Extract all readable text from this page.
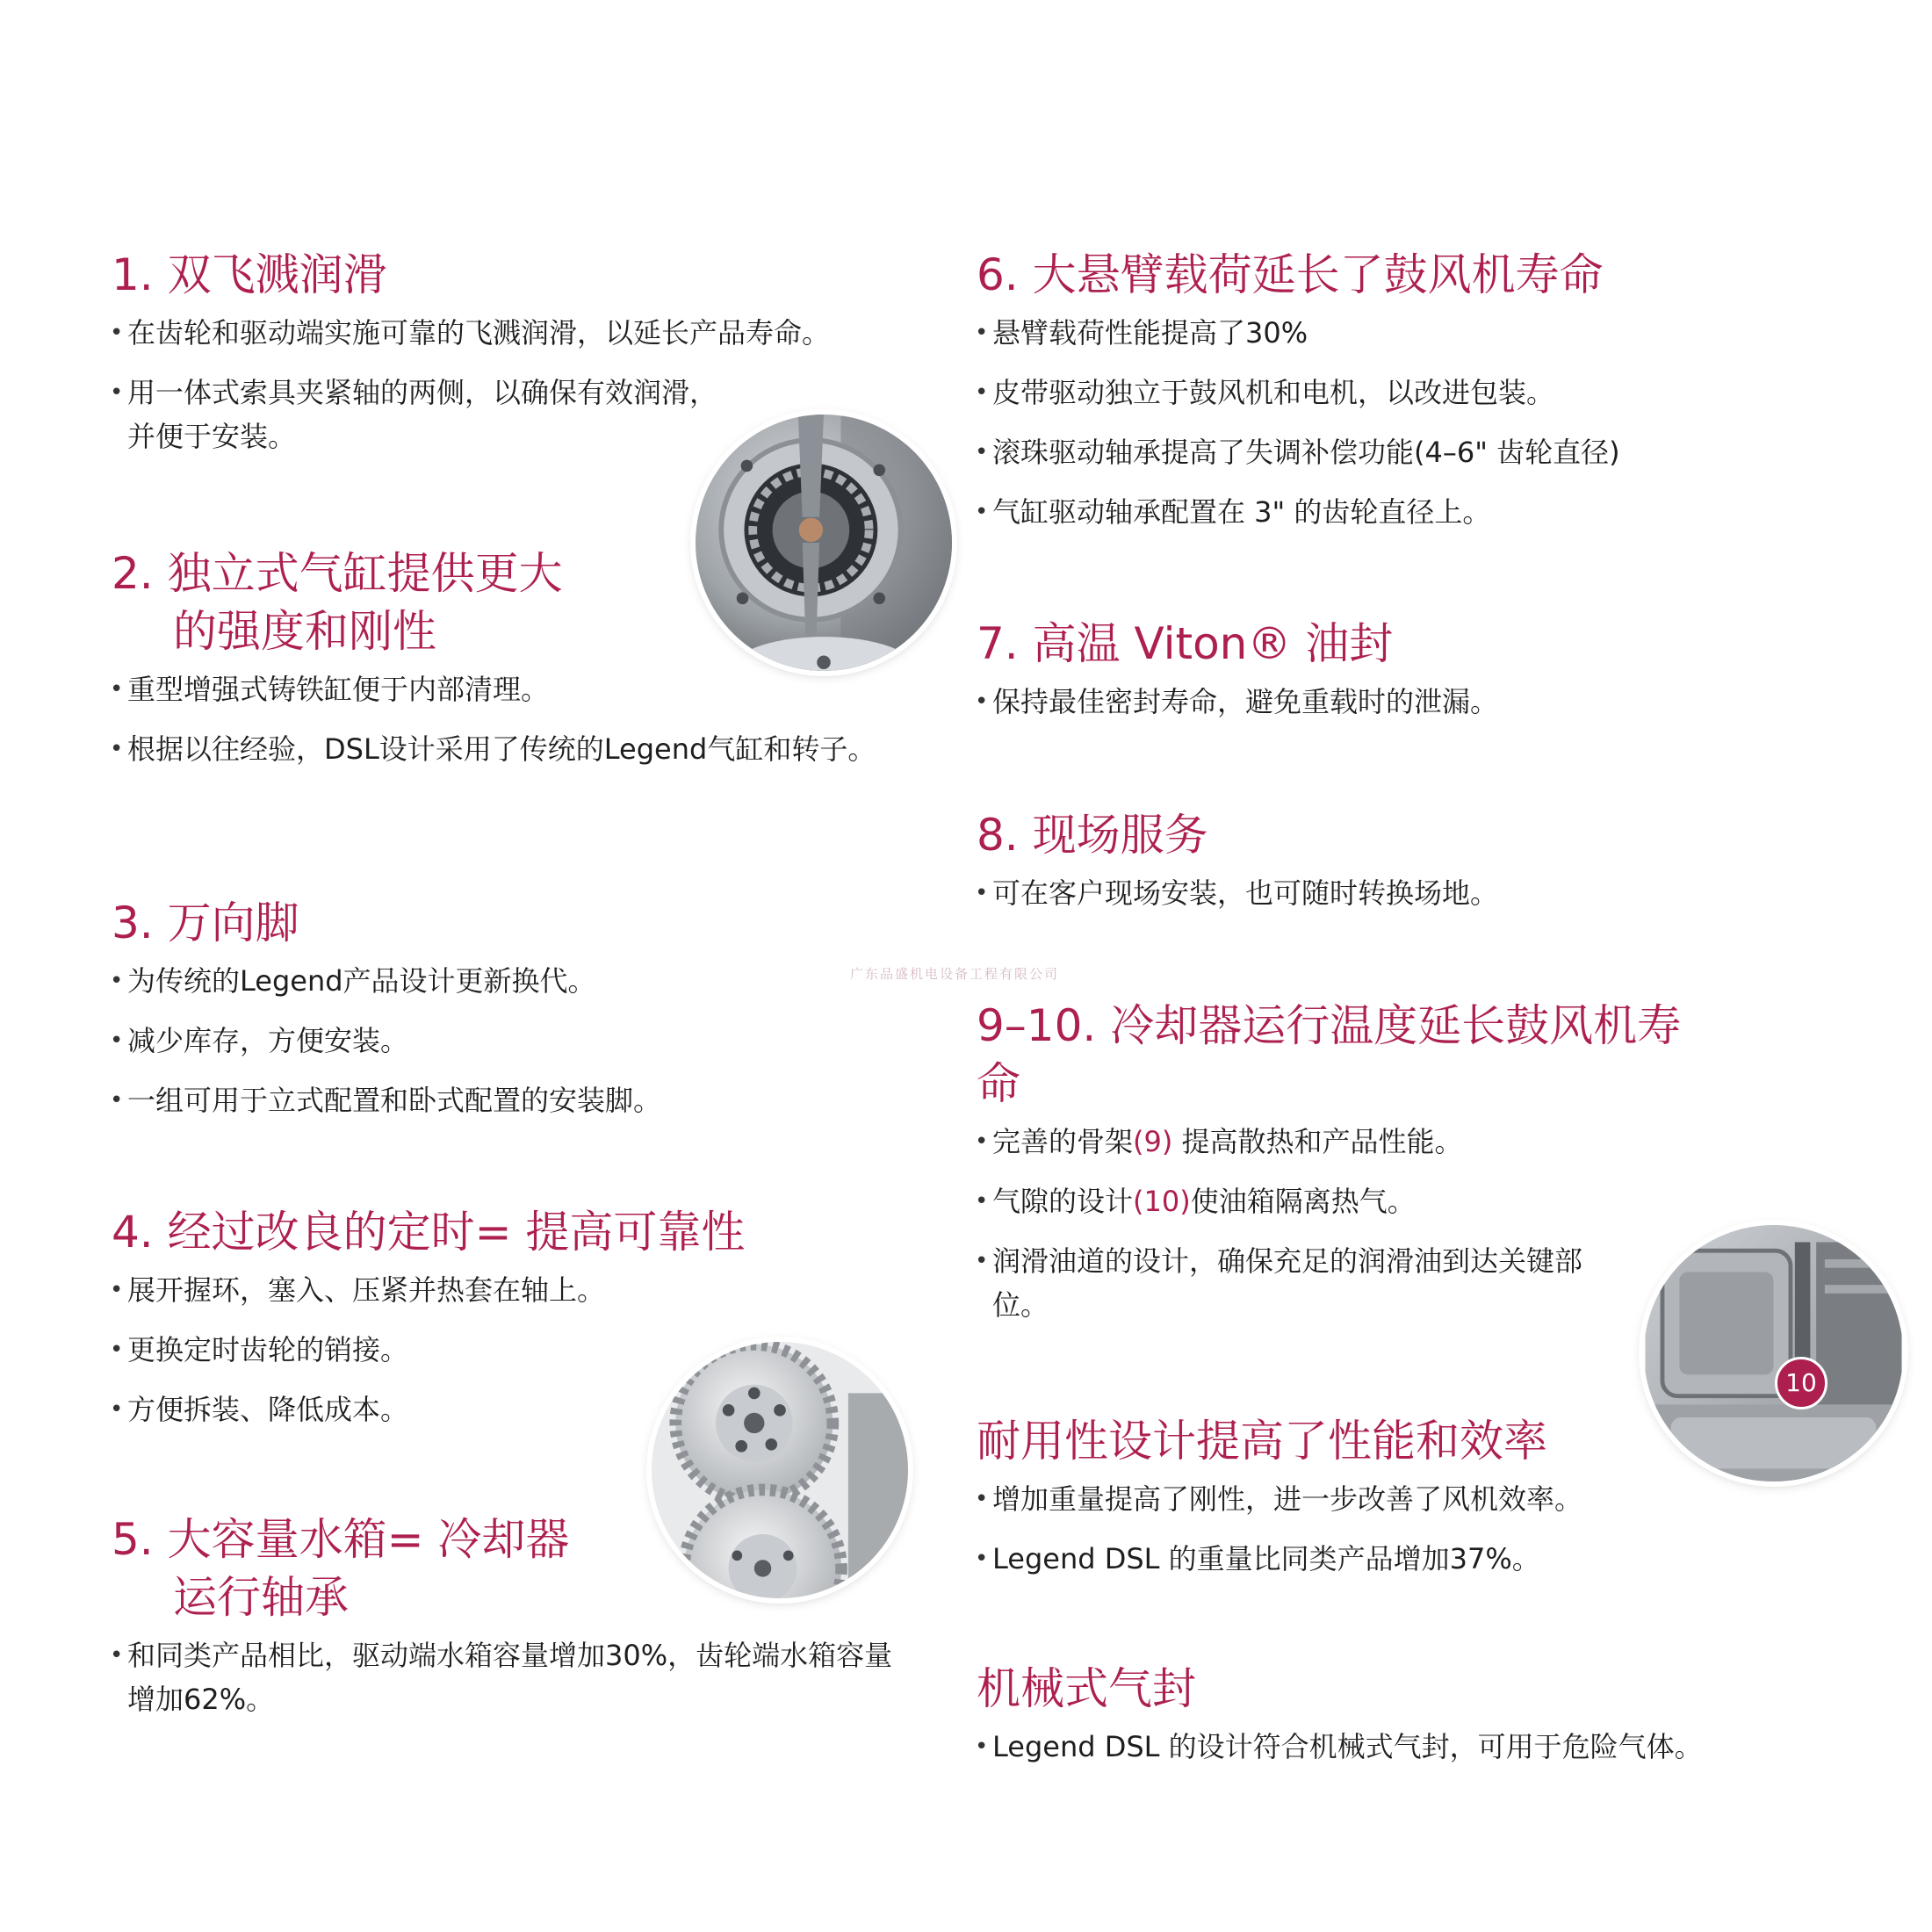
1. 双飞溅润滑
• 在齿轮和驱动端实施可靠的飞溅润滑，以延长产品寿命。
• 用一体式索具夹紧轴的两侧，以确保有效润滑，并便于安装。
2. 独立式气缸提供更大
的强度和刚性
• 重型增强式铸铁缸便于内部清理。
• 根据以往经验，DSL设计采用了传统的Legend气缸和转子。
3. 万向脚
• 为传统的Legend产品设计更新换代。
• 减少库存，方便安装。
• 一组可用于立式配置和卧式配置的安装脚。
4. 经过改良的定时= 提高可靠性
• 展开握环，塞入、压紧并热套在轴上。
• 更换定时齿轮的销接。
• 方便拆装、降低成本。
5. 大容量水箱= 冷却器
运行轴承
• 和同类产品相比，驱动端水箱容量增加30%，齿轮端水箱容量增加62%。
6. 大悬臂载荷延长了鼓风机寿命
• 悬臂载荷性能提高了30%
• 皮带驱动独立于鼓风机和电机，以改进包装。
• 滚珠驱动轴承提高了失调补偿功能(4–6" 齿轮直径)
• 气缸驱动轴承配置在 3" 的齿轮直径上。
7. 高温 Viton® 油封
• 保持最佳密封寿命，避免重载时的泄漏。
8. 现场服务
• 可在客户现场安装，也可随时转换场地。
9–10. 冷却器运行温度延长鼓风机寿
命
• 完善的骨架(9) 提高散热和产品性能。
• 气隙的设计(10)使油箱隔离热气。
• 润滑油道的设计，确保充足的润滑油到达关键部位。
耐用性设计提高了性能和效率
• 增加重量提高了刚性，进一步改善了风机效率。
• Legend DSL 的重量比同类产品增加37%。
机械式气封
• Legend DSL 的设计符合机械式气封，可用于危险气体。
10
广东品盛机电设备工程有限公司
